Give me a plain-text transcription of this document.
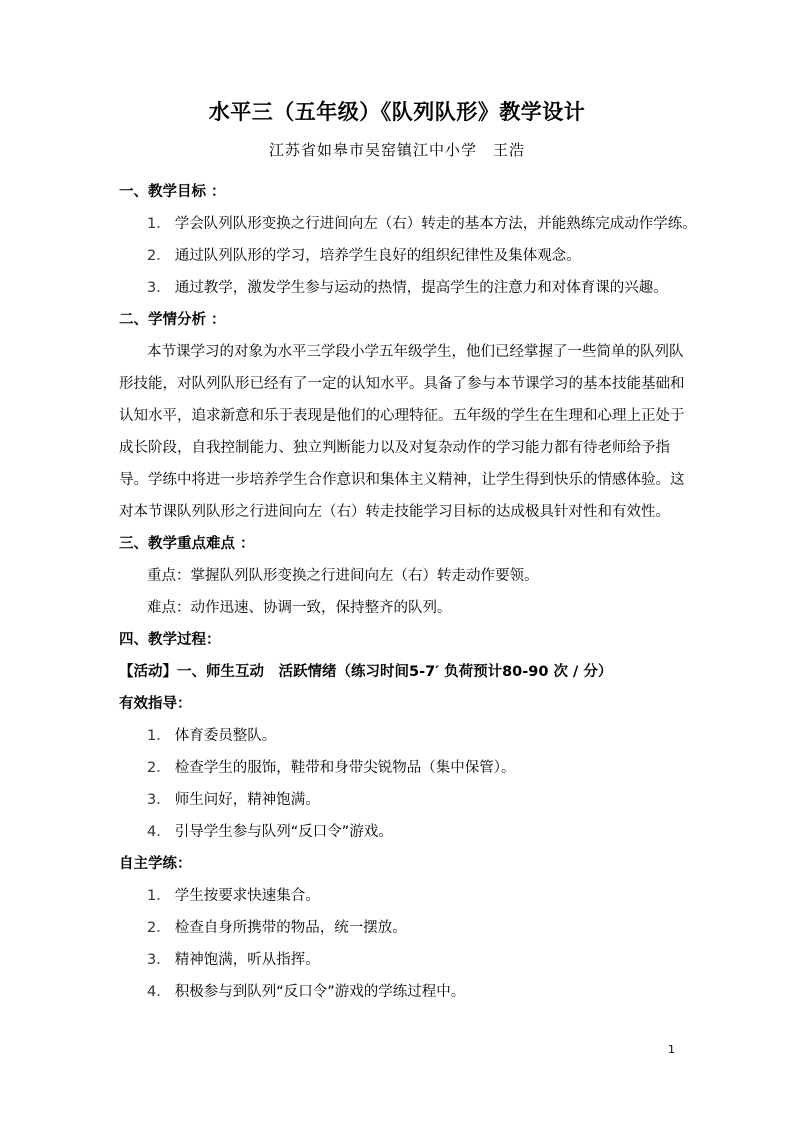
水平三（五年级）《队列队形》教学设计
江苏省如皋市吴窑镇江中小学　王浩
一、教学目标 ：
1． 学会队列队形变换之行进间向左（右）转走的基本方法，并能熟练完成动作学练。
2． 通过队列队形的学习，培养学生良好的组织纪律性及集体观念。
3． 通过教学，激发学生参与运动的热情，提高学生的注意力和对体育课的兴趣。
二、学情分析 ：
本节课学习的对象为水平三学段小学五年级学生，他们已经掌握了一些简单的队列队
形技能，对队列队形已经有了一定的认知水平。具备了参与本节课学习的基本技能基础和
认知水平，追求新意和乐于表现是他们的心理特征。五年级的学生在生理和心理上正处于
成长阶段，自我控制能力、独立判断能力以及对复杂动作的学习能力都有待老师给予指
导。学练中将进一步培养学生合作意识和集体主义精神，让学生得到快乐的情感体验。这
对本节课队列队形之行进间向左（右）转走技能学习目标的达成极具针对性和有效性。
三、教学重点难点 ：
重点：掌握队列队形变换之行进间向左（右）转走动作要领。
难点：动作迅速、协调一致，保持整齐的队列。
四、教学过程：
【活动】一、师生互动　活跃情绪（练习时间5-7′ 负荷预计80-90 次 / 分）
有效指导：
1． 体育委员整队。
2． 检查学生的服饰，鞋带和身带尖锐物品（集中保管）。
3． 师生问好，精神饱满。
4． 引导学生参与队列“反口令”游戏。
自主学练：
1． 学生按要求快速集合。
2． 检查自身所携带的物品，统一摆放。
3． 精神饱满，听从指挥。
4． 积极参与到队列“反口令”游戏的学练过程中。
1
